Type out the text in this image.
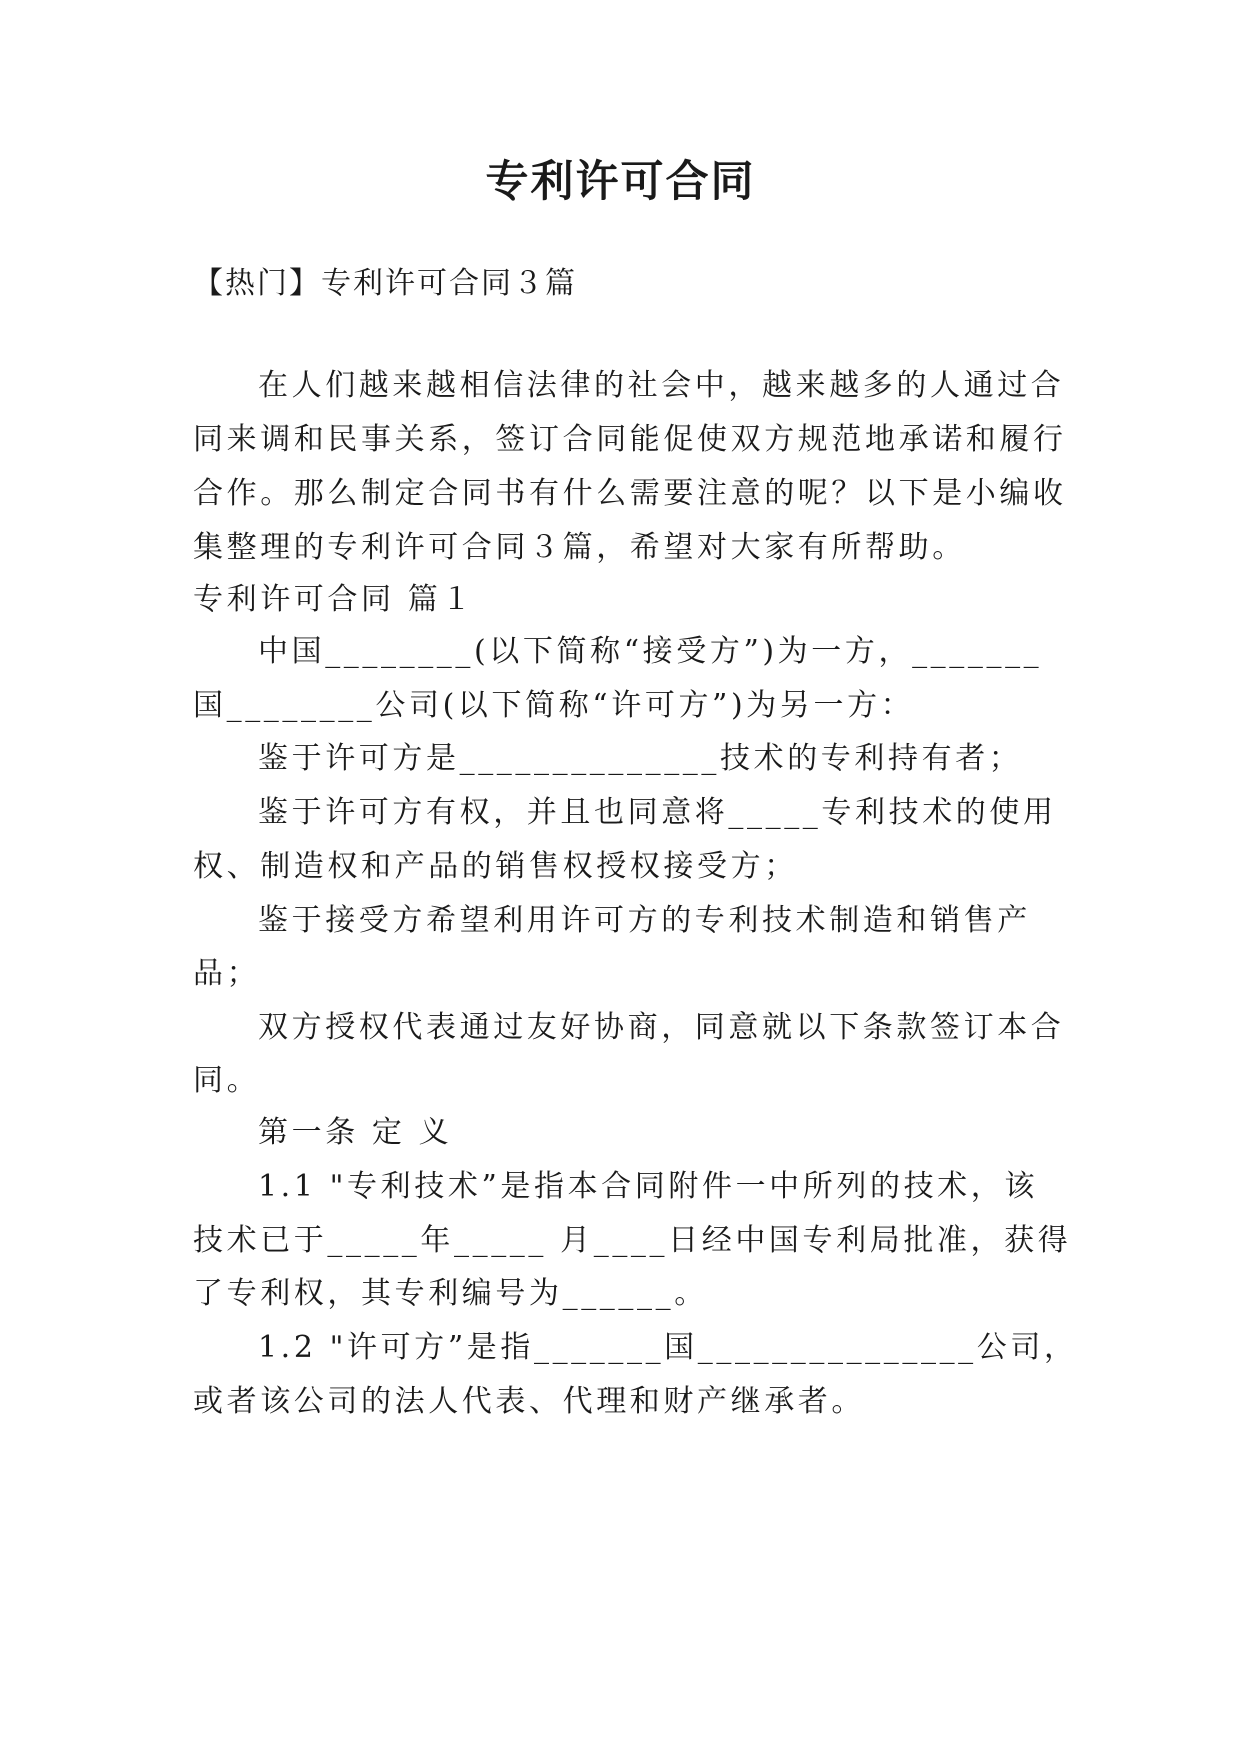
专利许可合同
【热门】专利许可合同３篇
在人们越来越相信法律的社会中，越来越多的人通过合
同来调和民事关系，签订合同能促使双方规范地承诺和履行
合作。那么制定合同书有什么需要注意的呢？以下是小编收
集整理的专利许可合同３篇，希望对大家有所帮助。
专利许可合同 篇１
中国________(以下简称“接受方”)为一方，_______
国________公司(以下简称“许可方”)为另一方：
鉴于许可方是______________技术的专利持有者；
鉴于许可方有权，并且也同意将_____专利技术的使用
权、制造权和产品的销售权授权接受方；
鉴于接受方希望利用许可方的专利技术制造和销售产
品；
双方授权代表通过友好协商，同意就以下条款签订本合
同。
第一条 定 义
1.1 "专利技术”是指本合同附件一中所列的技术，该
技术已于_____年_____ 月____日经中国专利局批准，获得
了专利权，其专利编号为______。
1.2 "许可方”是指_______国_______________公司，
或者该公司的法人代表、代理和财产继承者。
